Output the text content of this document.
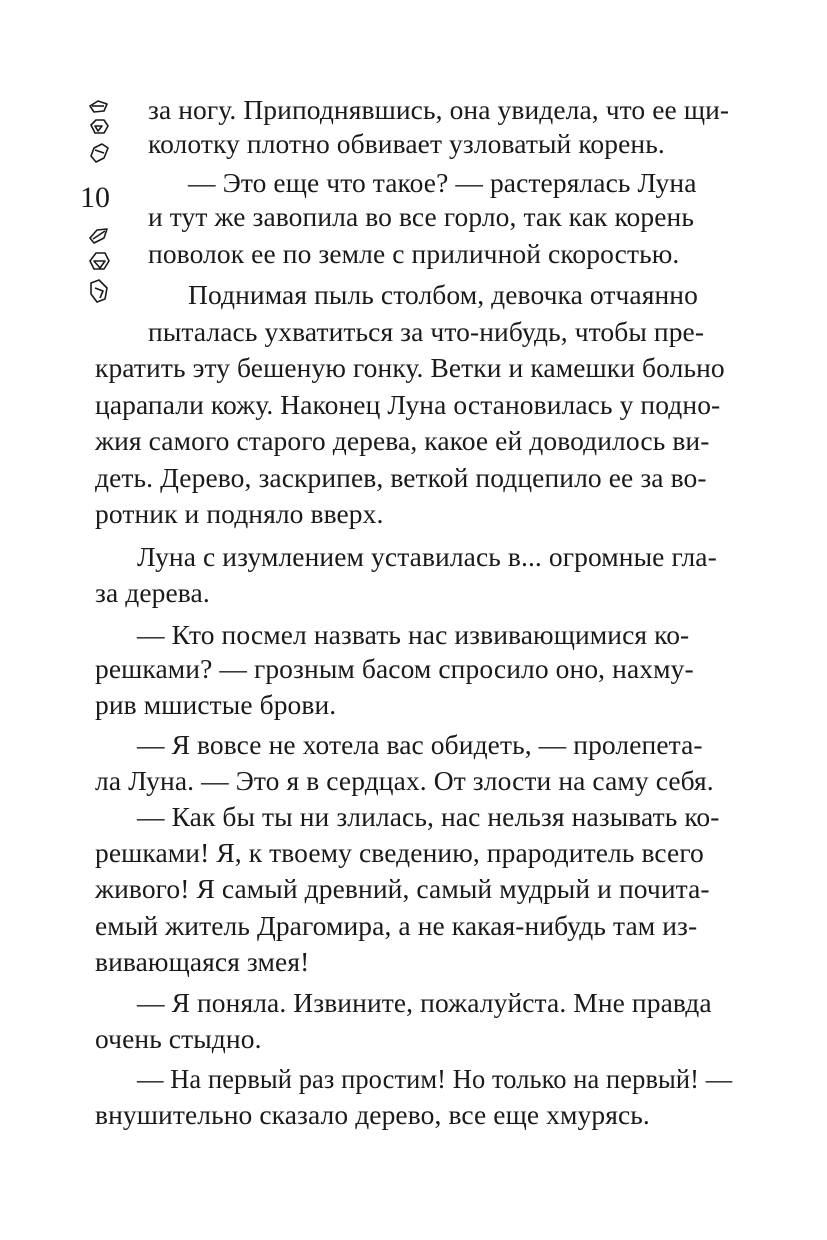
10
за ногу. Приподнявшись, она увидела, что ее щи-
колотку плотно обвивает узловатый корень.
— Это еще что такое? — растерялась Луна
и тут же завопила во все горло, так как корень
поволок ее по земле с приличной скоростью.
Поднимая пыль столбом, девочка отчаянно
пыталась ухватиться за что-нибудь, чтобы пре-
кратить эту бешеную гонку. Ветки и камешки больно
царапали кожу. Наконец Луна остановилась у подно-
жия самого старого дерева, какое ей доводилось ви-
деть. Дерево, заскрипев, веткой подцепило ее за во-
ротник и подняло вверх.
Луна с изумлением уставилась в... огромные гла-
за дерева.
— Кто посмел назвать нас извивающимися ко-
решками? — грозным басом спросило оно, нахму-
рив мшистые брови.
— Я вовсе не хотела вас обидеть, — пролепета-
ла Луна. — Это я в сердцах. От злости на саму себя.
— Как бы ты ни злилась, нас нельзя называть ко-
решками! Я, к твоему сведению, прародитель всего
живого! Я самый древний, самый мудрый и почита-
емый житель Драгомира, а не какая-нибудь там из-
вивающаяся змея!
— Я поняла. Извините, пожалуйста. Мне правда
очень стыдно.
— На первый раз простим! Но только на первый! —
внушительно сказало дерево, все еще хмурясь.
